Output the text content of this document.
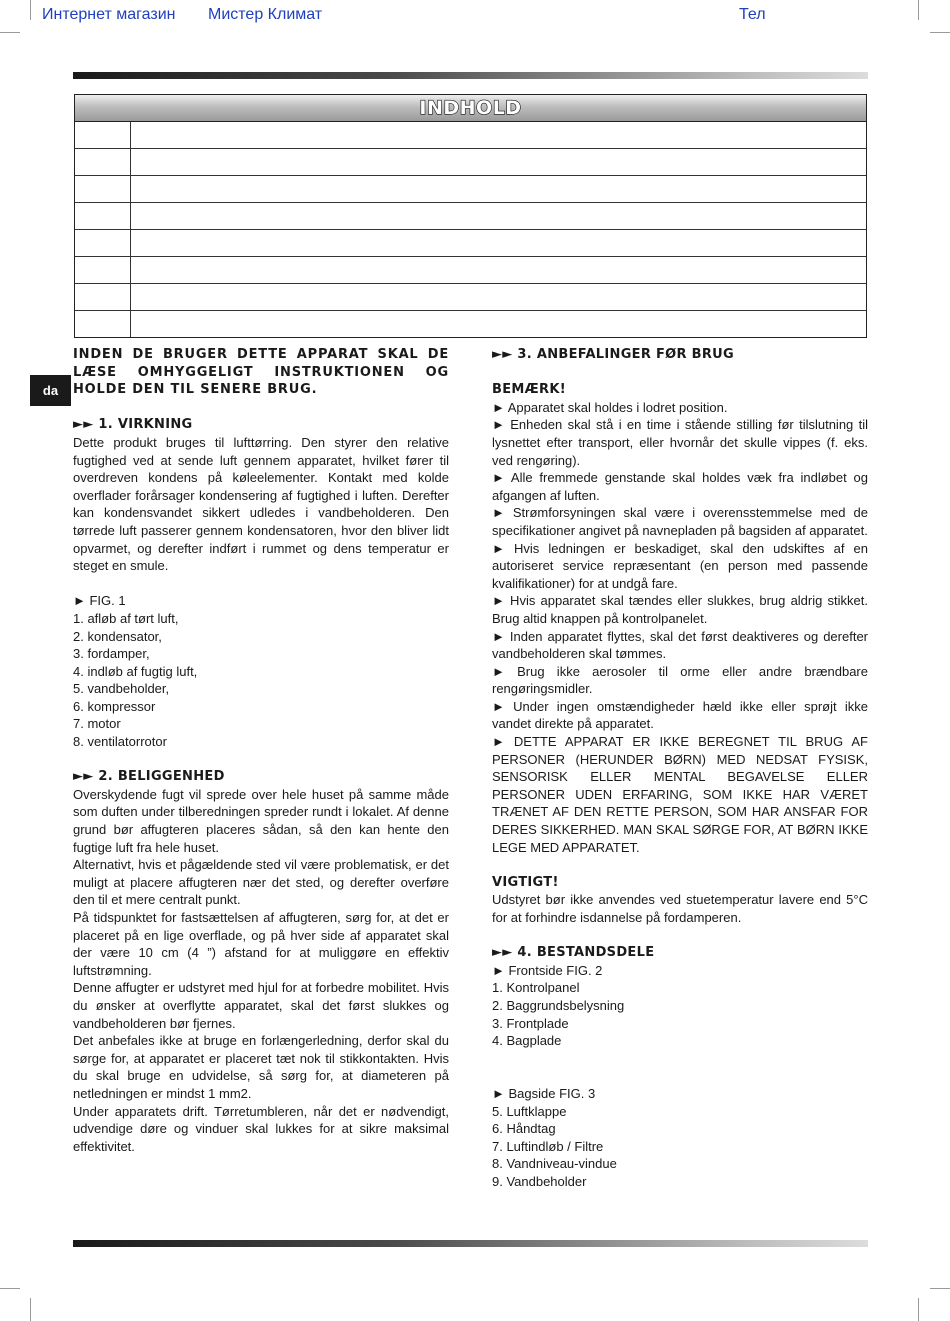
Интернет магазин Мистер Климат	Тел
INDHOLD
da

INDEN DE BRUGER DETTE APPARAT SKAL DE LÆSE OMHYGGELIGT INSTRUKTIONEN OG HOLDE DEN TIL SENERE BRUG.

►► 1. VIRKNING

Dette produkt bruges til lufttørring. Den styrer den relative fugtighed ved at sende luft gennem apparatet, hvilket fører til overdreven kondens på køleelementer. Kontakt med kolde overflader forårsager kondensering af fugtighed i luften. Derefter kan kondensvandet sikkert udledes i vandbeholderen. Den tørrede luft passerer gennem kondensatoren, hvor den bliver lidt opvarmet, og derefter indført i rummet og dens temperatur er steget en smule.

► FIG. 1

1. afløb af tørt luft,

2. kondensator,

3. fordamper,

4. indløb af fugtig luft,

5. vandbeholder,

6. kompressor

7. motor

8. ventilatorrotor

►► 2. BELIGGENHED

Overskydende fugt vil sprede over hele huset på samme måde som duften under tilberedningen spreder rundt i lokalet. Af denne grund bør affugteren placeres sådan, så den kan hente den fugtige luft fra hele huset.

Alternativt, hvis et pågældende sted vil være problematisk, er det muligt at placere affugteren nær det sted, og derefter overføre den til et mere centralt punkt.

På tidspunktet for fastsættelsen af affugteren, sørg for, at det er placeret på en lige overflade, og på hver side af apparatet skal der være 10 cm (4 ”) afstand for at muliggøre en effektiv luftstrømning.

Denne affugter er udstyret med hjul for at forbedre mobilitet. Hvis du ønsker at overflytte apparatet, skal det først slukkes og vandbeholderen bør fjernes.

Det anbefales ikke at bruge en forlængerledning, derfor skal du sørge for, at apparatet er placeret tæt nok til stikkontakten. Hvis du skal bruge en udvidelse, så sørg for, at diameteren på netledningen er mindst 1 mm2.

Under apparatets drift. Tørretumbleren, når det er nødvendigt, udvendige døre og vinduer skal lukkes for at sikre maksimal effektivitet.

►► 3. ANBEFALINGER FØR BRUG

BEMÆRK!

► Apparatet skal holdes i lodret position.

► Enheden skal stå i en time i stående stilling før tilslutning til lysnettet efter transport, eller hvornår det skulle vippes (f. eks. ved rengøring).

► Alle fremmede genstande skal holdes væk fra indløbet og afgangen af luften.

► Strømforsyningen skal være i overensstemmelse med de specifikationer angivet på navnepladen på bagsiden af apparatet.

► Hvis ledningen er beskadiget, skal den udskiftes af en autoriseret service repræsentant (en person med passende kvalifikationer) for at undgå fare.

► Hvis apparatet skal tændes eller slukkes, brug aldrig stikket. Brug altid knappen på kontrolpanelet.

► Inden apparatet flyttes, skal det først deaktiveres og derefter vandbeholderen skal tømmes.

► Brug ikke aerosoler til orme eller andre brændbare rengøringsmidler.

► Under ingen omstændigheder hæld ikke eller sprøjt ikke vandet direkte på apparatet.

► DETTE APPARAT ER IKKE BEREGNET TIL BRUG AF PERSONER (HERUNDER BØRN) MED NEDSAT FYSISK, SENSORISK ELLER MENTAL BEGAVELSE ELLER PERSONER UDEN ERFARING, SOM IKKE HAR VÆRET TRÆNET AF DEN RETTE PERSON, SOM HAR ANSFAR FOR DERES SIKKERHED. MAN SKAL SØRGE FOR, AT BØRN IKKE LEGE MED APPARATET.

VIGTIGT!

Udstyret bør ikke anvendes ved stuetemperatur lavere end 5°C for at forhindre isdannelse på fordamperen.

►► 4. BESTANDSDELE

► Frontside FIG. 2

1. Kontrolpanel

2. Baggrundsbelysning

3. Frontplade

4. Bagplade

► Bagside FIG. 3

5. Luftklappe

6. Håndtag

7. Luftindløb / Filtre

8. Vandniveau-vindue

9. Vandbeholder
